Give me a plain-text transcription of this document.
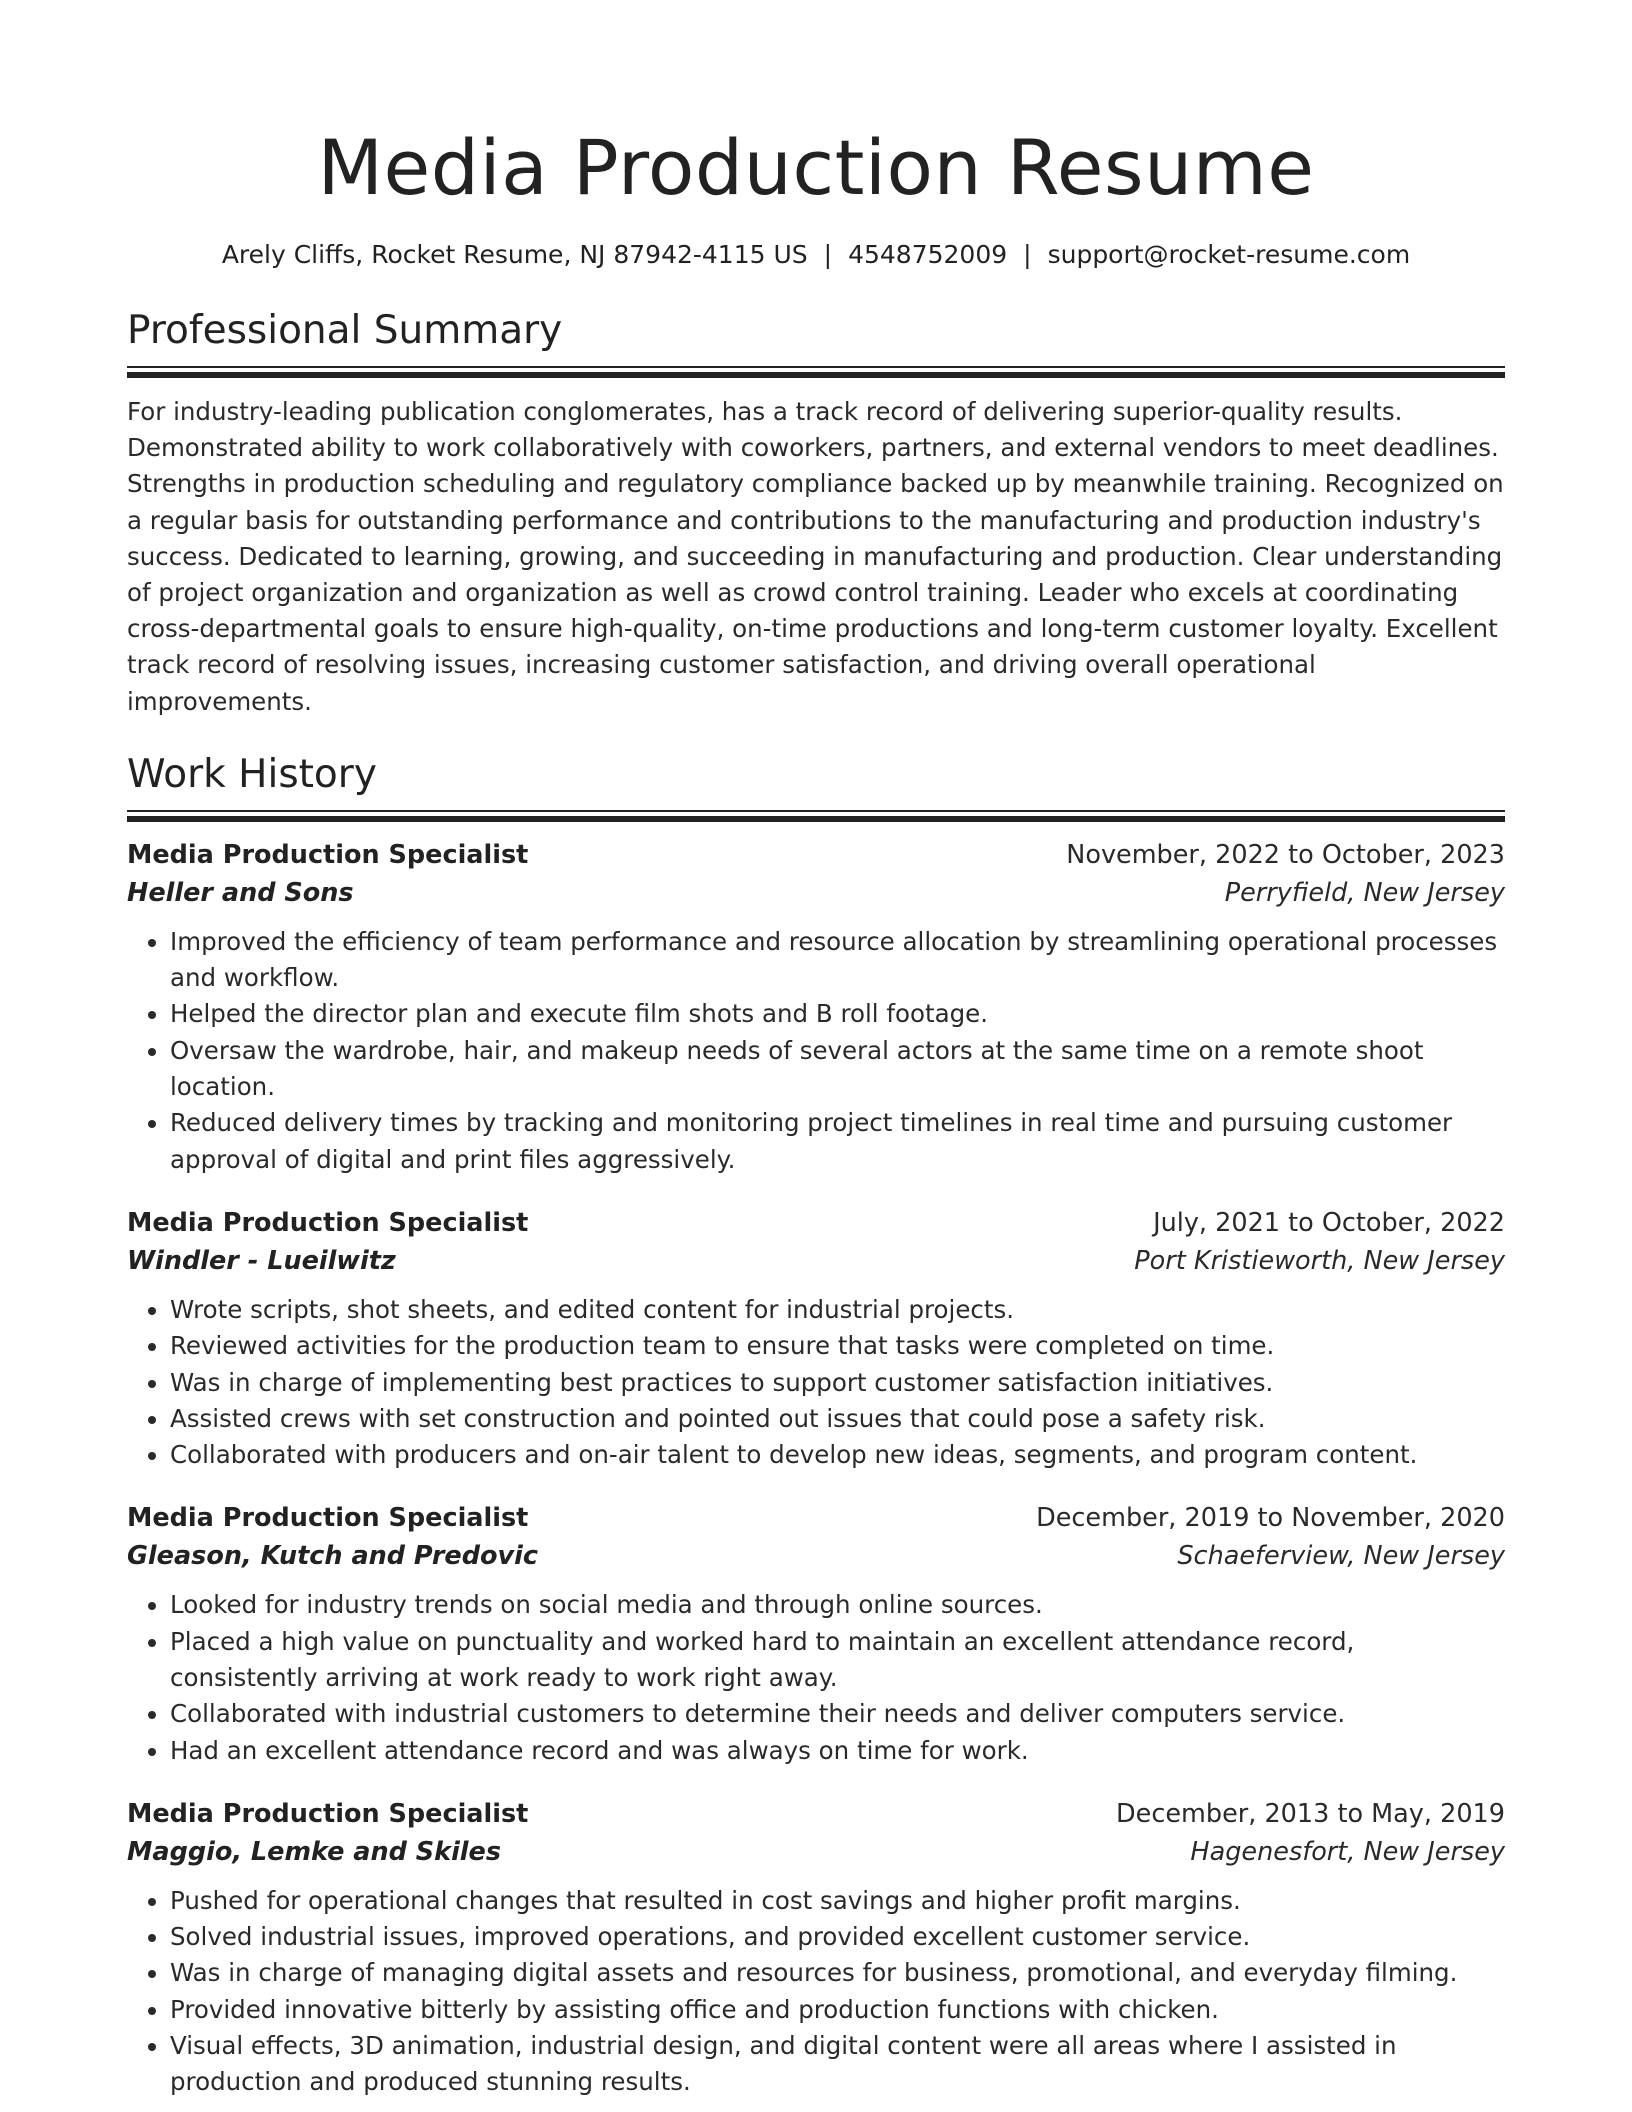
Media Production Resume
Arely Cliffs, Rocket Resume, NJ 87942-4115 US | 4548752009 | support@rocket-resume.com
Professional Summary

For industry-leading publication conglomerates, has a track record of delivering superior-quality results. Demonstrated ability to work collaboratively with coworkers, partners, and external vendors to meet deadlines. Strengths in production scheduling and regulatory compliance backed up by meanwhile training. Recognized on a regular basis for outstanding performance and contributions to the manufacturing and production industry's success. Dedicated to learning, growing, and succeeding in manufacturing and production. Clear understanding of project organization and organization as well as crowd control training. Leader who excels at coordinating cross-departmental goals to ensure high-quality, on-time productions and long-term customer loyalty. Excellent track record of resolving issues, increasing customer satisfaction, and driving overall operational improvements.

Work History
Media Production Specialist	November, 2022 to October, 2023
Heller and Sons	Perryfield, New Jersey
• Improved the efficiency of team performance and resource allocation by streamlining operational processes and workflow.
• Helped the director plan and execute film shots and B roll footage.
• Oversaw the wardrobe, hair, and makeup needs of several actors at the same time on a remote shoot location.
• Reduced delivery times by tracking and monitoring project timelines in real time and pursuing customer approval of digital and print files aggressively.
Media Production Specialist	July, 2021 to October, 2022
Windler - Lueilwitz	Port Kristieworth, New Jersey
• Wrote scripts, shot sheets, and edited content for industrial projects.
• Reviewed activities for the production team to ensure that tasks were completed on time.
• Was in charge of implementing best practices to support customer satisfaction initiatives.
• Assisted crews with set construction and pointed out issues that could pose a safety risk.
• Collaborated with producers and on-air talent to develop new ideas, segments, and program content.
Media Production Specialist	December, 2019 to November, 2020
Gleason, Kutch and Predovic	Schaeferview, New Jersey
• Looked for industry trends on social media and through online sources.
• Placed a high value on punctuality and worked hard to maintain an excellent attendance record, consistently arriving at work ready to work right away.
• Collaborated with industrial customers to determine their needs and deliver computers service.
• Had an excellent attendance record and was always on time for work.
Media Production Specialist	December, 2013 to May, 2019
Maggio, Lemke and Skiles	Hagenesfort, New Jersey
• Pushed for operational changes that resulted in cost savings and higher profit margins.
• Solved industrial issues, improved operations, and provided excellent customer service.
• Was in charge of managing digital assets and resources for business, promotional, and everyday filming.
• Provided innovative bitterly by assisting office and production functions with chicken.
• Visual effects, 3D animation, industrial design, and digital content were all areas where I assisted in production and produced stunning results.
